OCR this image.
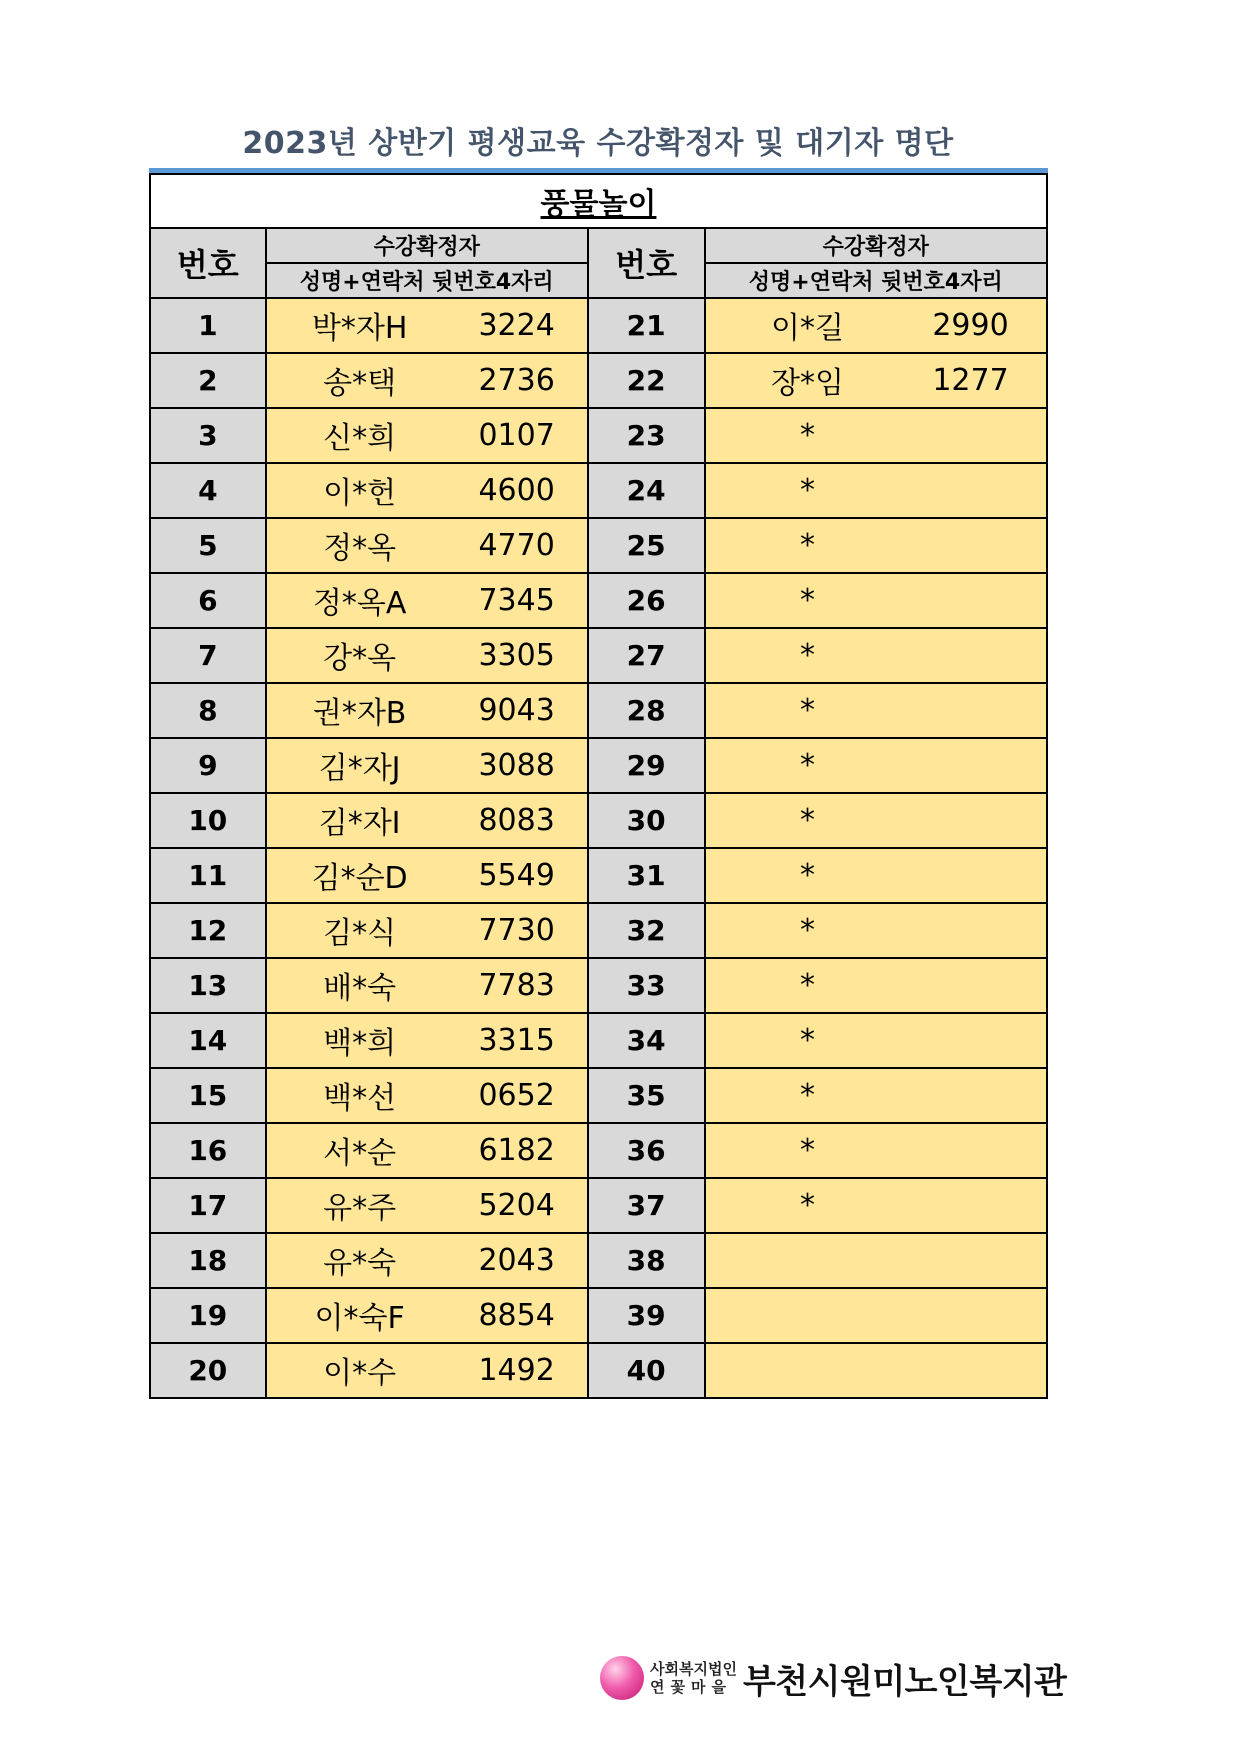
2023년 상반기 평생교육 수강확정자 및 대기자 명단
풍물놀이			
번호	수강확정자	번호	수강확정자
	성명+연락처 뒷번호4자리		성명+연락처 뒷번호4자리
1	박*자H 3224	21	이*길 2990

2	송*택 2736	22	장*임 1277

3	신*희 0107	23	*

4	이*헌 4600	24	*

5	정*옥 4770	25	*

6	정*옥A 7345	26	*

7	강*옥 3305	27	*

8	권*자B 9043	28	*

9	김*자J 3088	29	*

10	김*자I 8083	30	*

11	김*순D 5549	31	*

12	김*식 7730	32	*

13	배*숙 7783	33	*

14	백*희 3315	34	*

15	백*선 0652	35	*

16	서*순 6182	36	*

17	유*주 5204	37	*

18	유*숙 2043	38	

19	이*숙F 8854	39	

20	이*수 1492	40	
사회복지법인
연꽃마을 부천시원미노인복지관
